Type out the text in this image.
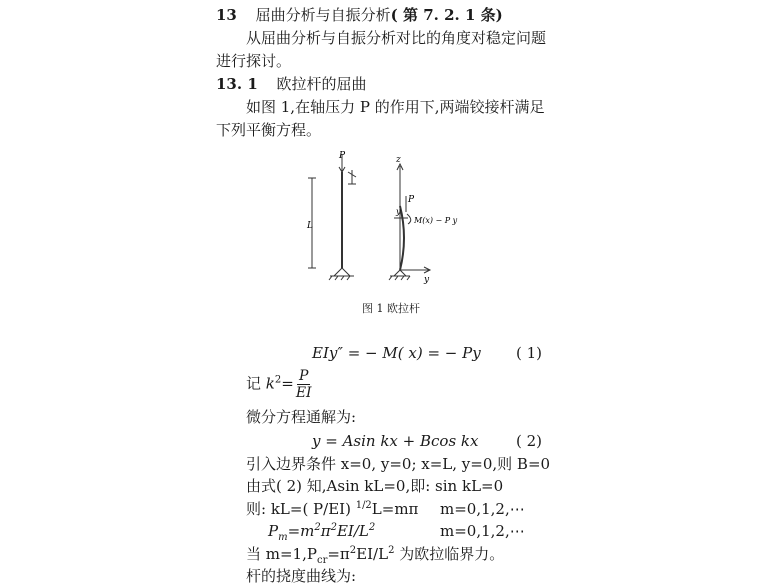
13 屈曲分析与自振分析( 第 7. 2. 1 条)
从屈曲分析与自振分析对比的角度对稳定问题
进行探讨。
13. 1 欧拉杆的屈曲
如图 1,在轴压力 P 的作用下,两端铰接杆满足
下列平衡方程。
P
L
z
y
P
y
M(x) − P y
图 1 欧拉杆
EIy″ = − M( x) = − Py ( 1)
记 $k^2= \frac{P}{EI}$
微分方程通解为:
y = Asin kx + Bcos kx	( 2)
引入边界条件 x=0, y=0; x=L, y=0,则 B=0
由式( 2) 知,Asin kL=0,即: sin kL=0
则: kL=( P/EI) $^{1/2}$L=mπ m=0,1,2,⋯
$P_m=m^2\pi^2EI/L^2$	m=0,1,2,⋯
当 $m=1,P_{cr}=\pi^2EI/L^2$ 为欧拉临界力。
杆的挠度曲线为:
